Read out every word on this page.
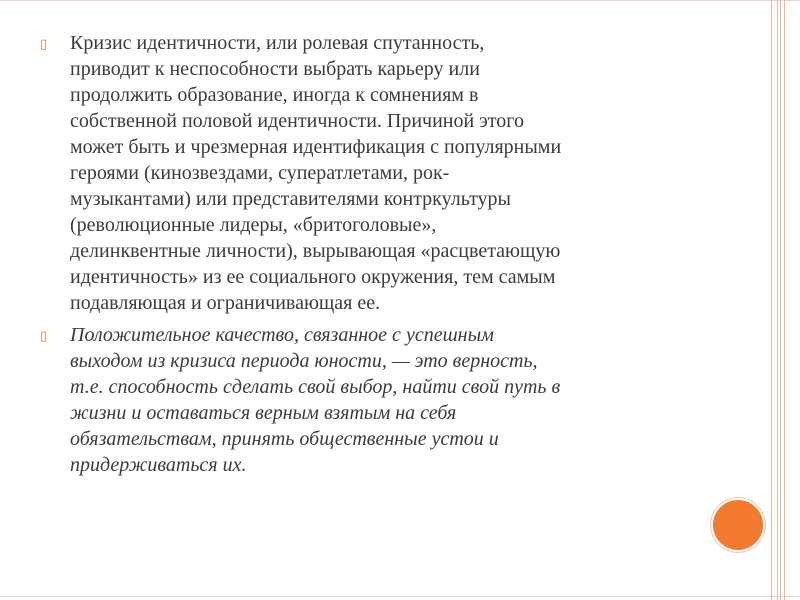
▯	Кризис идентичности, или ролевая спутанность,
приводит к неспособности выбрать карьеру или
продолжить образование, иногда к сомнениям в
собственной половой идентичности. Причиной этого
может быть и чрезмерная идентификация с популярными
героями (кинозвездами, суператлетами, рок-
музыкантами) или представителями контркультуры
(революционные лидеры, «бритоголовые»,
делинквентные личности), вырывающая «расцветающую
идентичность» из ее социального окружения, тем самым
подавляющая и ограничивающая ее.
▯	Положительное качество, связанное с успешным
выходом из кризиса периода юности, — это верность,
т.е. способность сделать свой выбор, найти свой путь в
жизни и оставаться верным взятым на себя
обязательствам, принять общественные устои и
придерживаться их.
